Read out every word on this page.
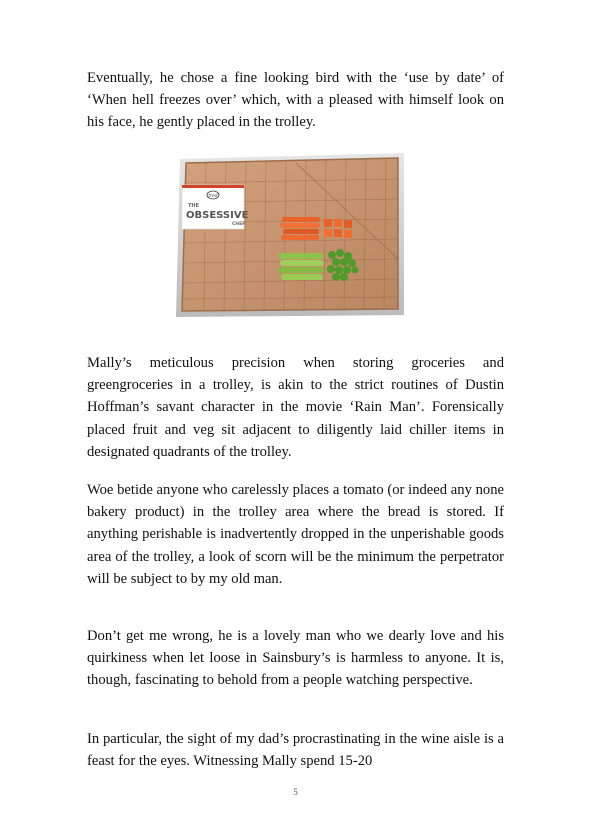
Eventually, he chose a fine looking bird with the ‘use by date’ of ‘When hell freezes over’ which, with a pleased with himself look on his face, he gently placed in the trolley.

fred
THE
OBSESSIVE
CHEF

Mally’s meticulous precision when storing groceries and greengroceries in a trolley, is akin to the strict routines of Dustin Hoffman’s savant character in the movie ‘Rain Man’. Forensically placed fruit and veg sit adjacent to diligently laid chiller items in designated quadrants of the trolley.

Woe betide anyone who carelessly places a tomato (or indeed any none bakery product) in the trolley area where the bread is stored. If anything perishable is inadvertently dropped in the unperishable goods area of the trolley, a look of scorn will be the minimum the perpetrator will be subject to by my old man.

Don’t get me wrong, he is a lovely man who we dearly love and his quirkiness when let loose in Sainsbury’s is harmless to anyone. It is, though, fascinating to behold from a people watching perspective.

In particular, the sight of my dad’s procrastinating in the wine aisle is a feast for the eyes. Witnessing Mally spend 15-20

5
